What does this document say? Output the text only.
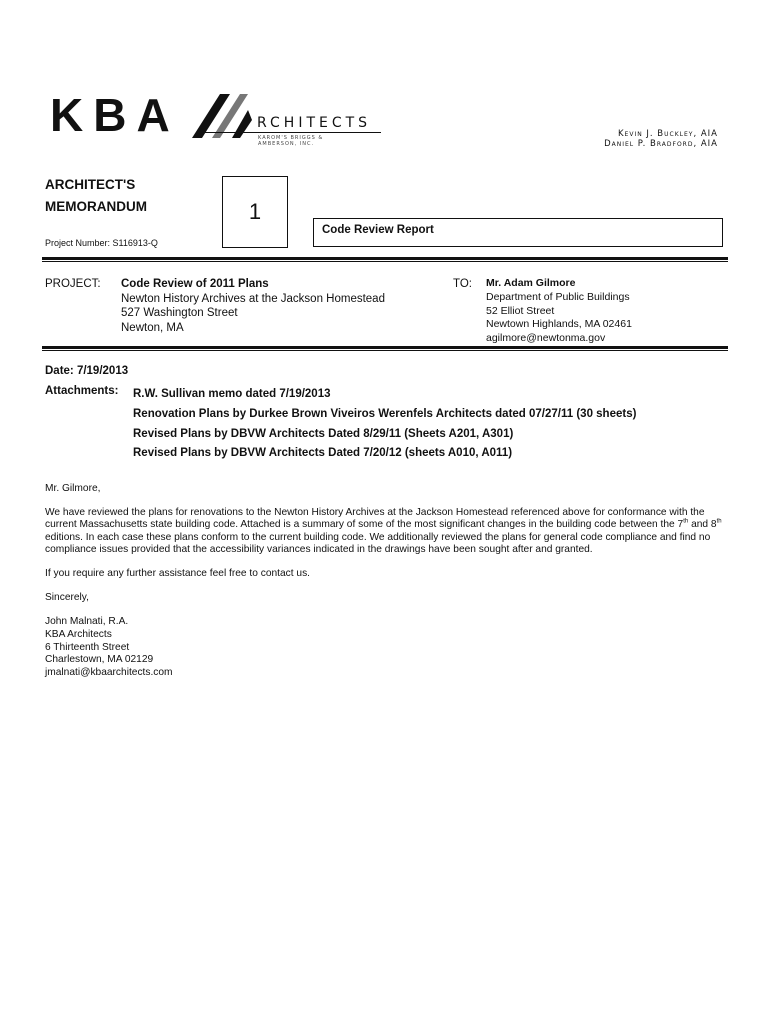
KBA	RCHITECTS
KAROM'S BRIGGS & AMBERSON, INC.
Kevin J. Buckley, AIA
Daniel P. Bradford, AIA
ARCHITECT'S
MEMORANDUM	1
Code Review Report
Project Number: S116913-Q
PROJECT: Code Review of 2011 Plans
Newton History Archives at the Jackson Homestead
527 Washington Street
Newton, MA
TO: Mr. Adam Gilmore
Department of Public Buildings
52 Elliot Street
Newtown Highlands, MA 02461
agilmore@newtonma.gov
Date: 7/19/2013
Attachments: R.W. Sullivan memo dated 7/19/2013
Renovation Plans by Durkee Brown Viveiros Werenfels Architects dated 07/27/11 (30 sheets)
Revised Plans by DBVW Architects Dated 8/29/11 (Sheets A201, A301)
Revised Plans by DBVW Architects Dated 7/20/12 (sheets A010, A011)

Mr. Gilmore,

We have reviewed the plans for renovations to the Newton History Archives at the Jackson Homestead referenced above for conformance with the current Massachusetts state building code. Attached is a summary of some of the most significant changes in the building code between the 7th and 8th editions. In each case these plans conform to the current building code. We additionally reviewed the plans for general code compliance and find no compliance issues provided that the accessibility variances indicated in the drawings have been sought after and granted.

If you require any further assistance feel free to contact us.

Sincerely,

John Malnati, R.A.
KBA Architects
6 Thirteenth Street
Charlestown, MA 02129
jmalnati@kbaarchitects.com
